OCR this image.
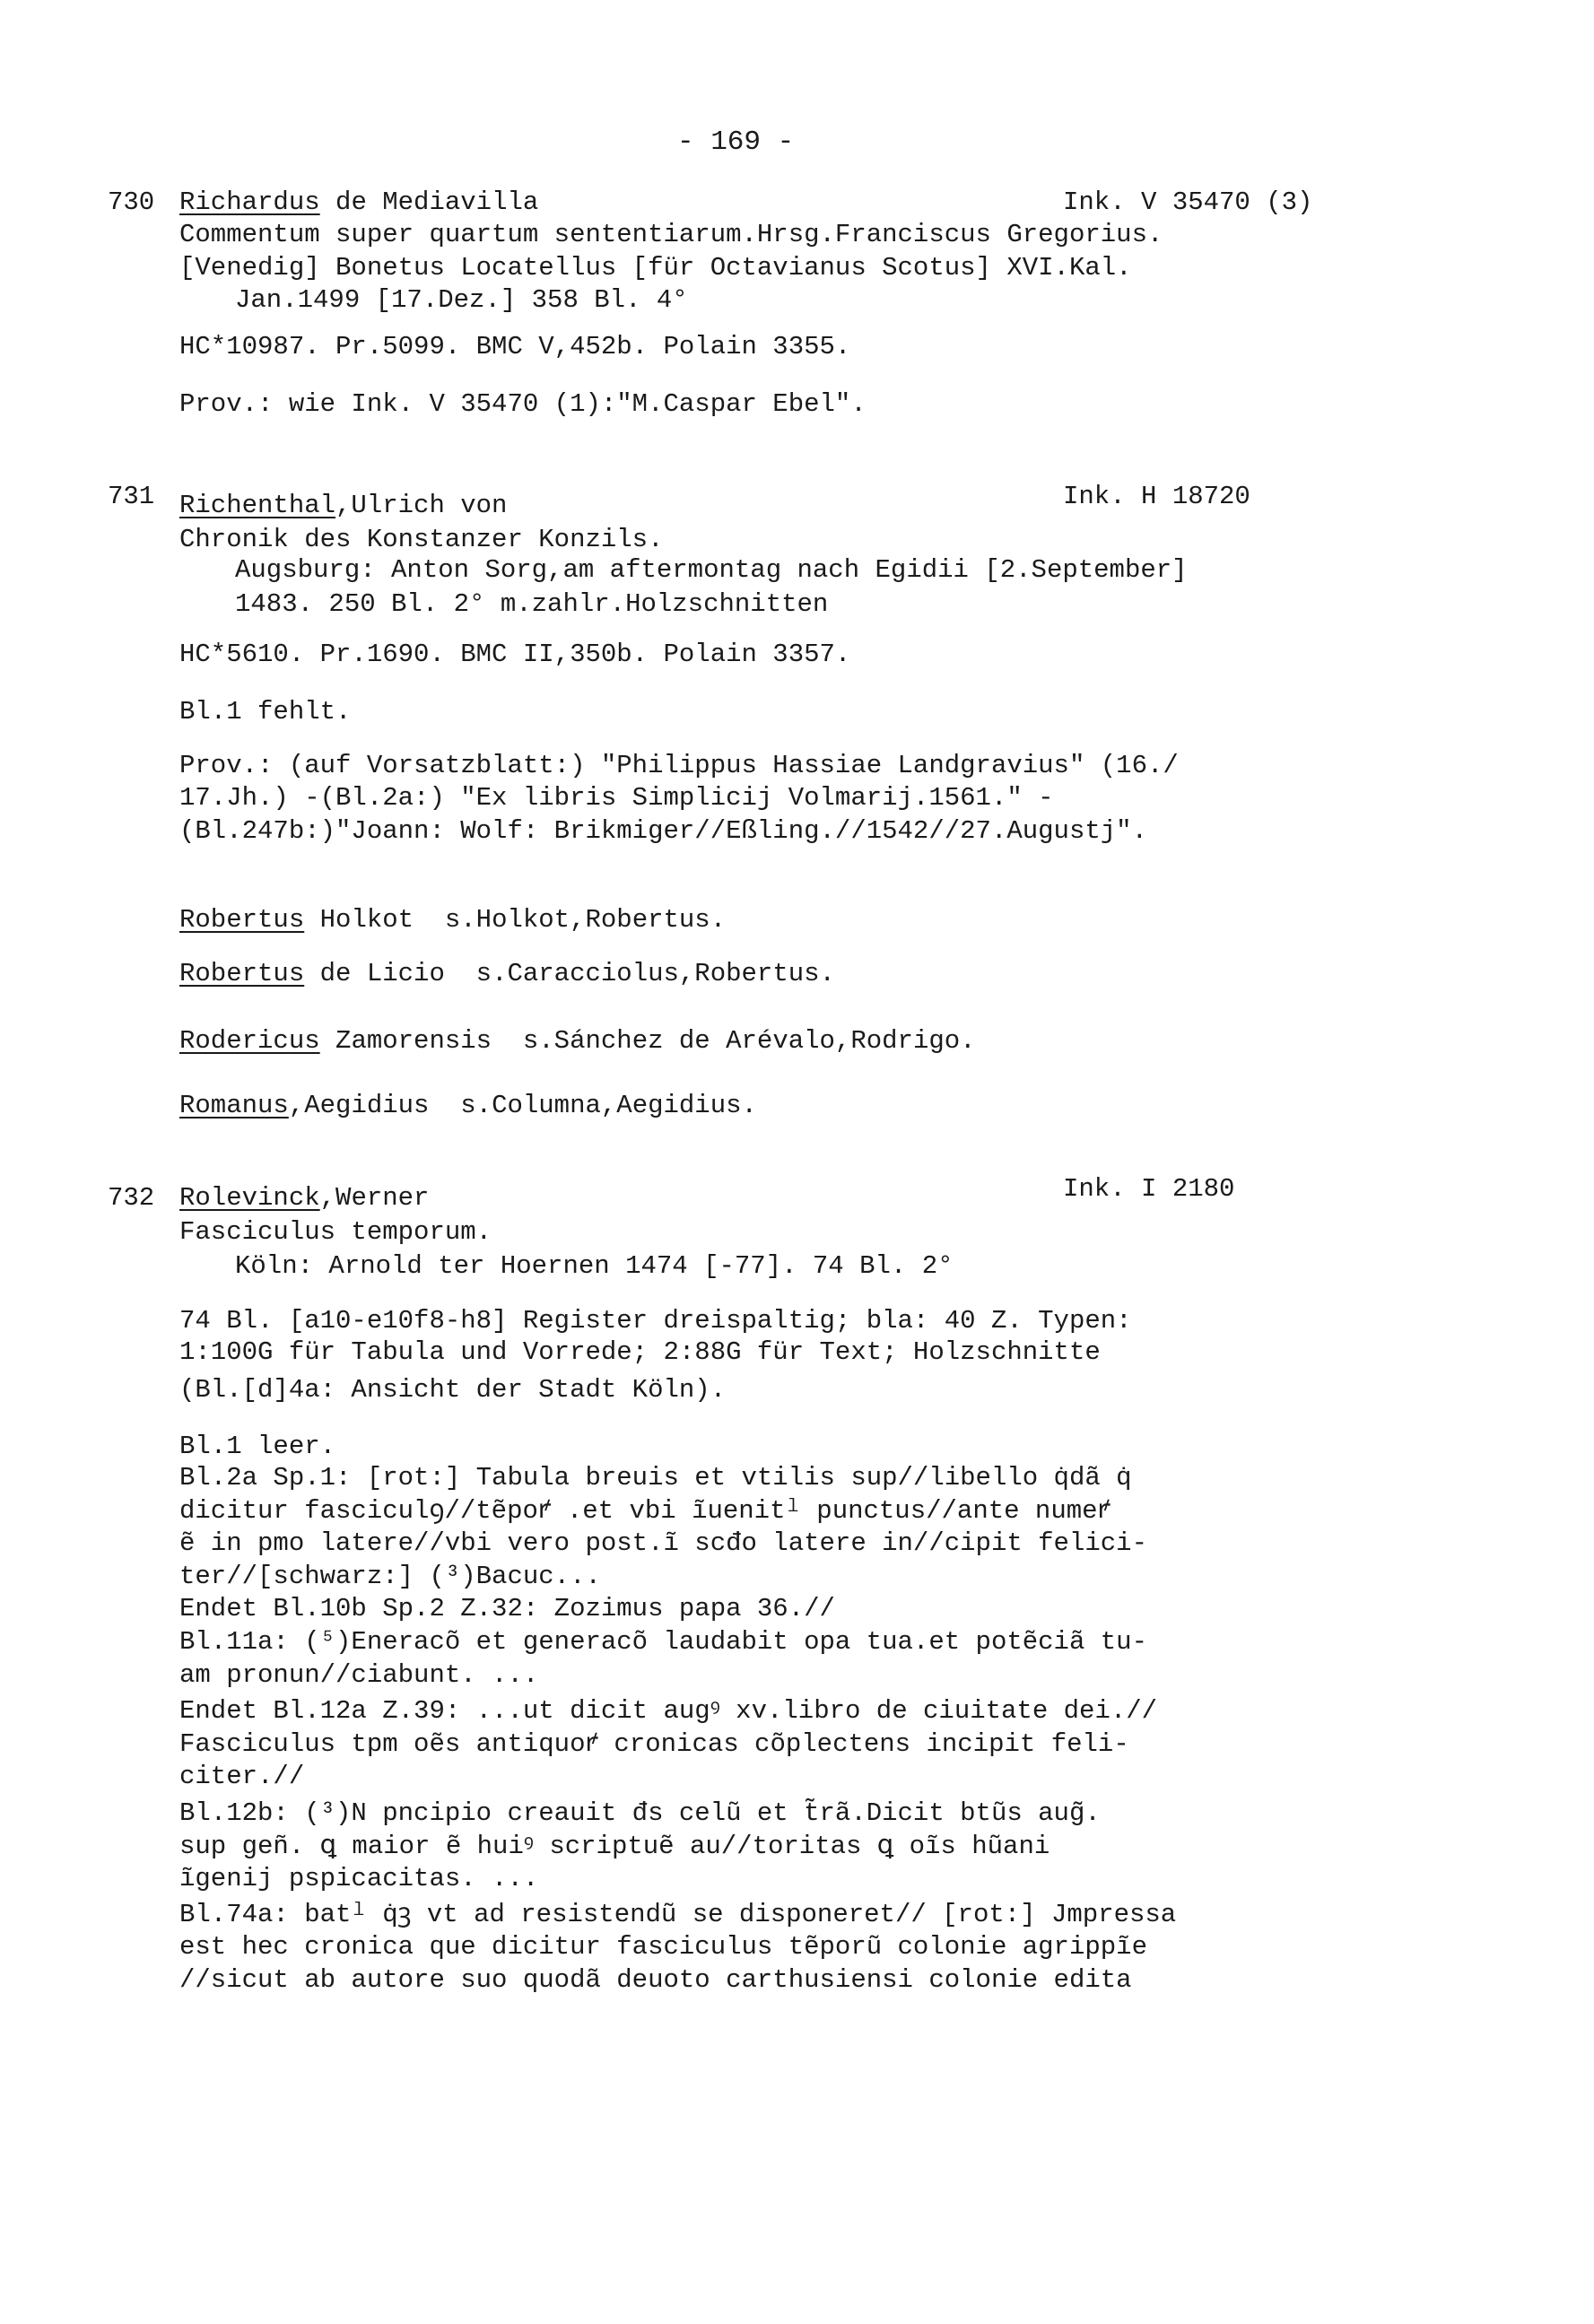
- 169 -
730 Richardus de Mediavilla	Ink. V 35470 (3)
Commentum super quartum sententiarum.Hrsg.Franciscus Gregorius.
[Venedig] Bonetus Locatellus [für Octavianus Scotus] XVI.Kal.
Jan.1499 [17.Dez.] 358 Bl. 4°
HC*10987. Pr.5099. BMC V,452b. Polain 3355.
Prov.: wie Ink. V 35470 (1):"M.Caspar Ebel".
731 Richenthal,Ulrich von	Ink. H 18720
Chronik des Konstanzer Konzils.
Augsburg: Anton Sorg,am aftermontag nach Egidii [2.September]
1483. 250 Bl. 2° m.zahlr.Holzschnitten
HC*5610. Pr.1690. BMC II,350b. Polain 3357.
Bl.1 fehlt.
Prov.: (auf Vorsatzblatt:) "Philippus Hassiae Landgravius" (16./
17.Jh.) -(Bl.2a:) "Ex libris Simplicij Volmarij.1561." -
(Bl.247b:)"Joann: Wolf: Brikmiger//Eßling.//1542//27.Augustj".
Robertus Holkot  s.Holkot,Robertus.
Robertus de Licio  s.Caracciolus,Robertus.
Rodericus Zamorensis  s.Sánchez de Arévalo,Rodrigo.
Romanus,Aegidius  s.Columna,Aegidius.
732 Rolevinck,Werner	Ink. I 2180
Fasciculus temporum.
Köln: Arnold ter Hoernen 1474 [-77]. 74 Bl. 2°
74 Bl. [a10-e10f8-h8] Register dreispaltig; bla: 40 Z. Typen:
1:100G für Tabula und Vorrede; 2:88G für Text; Holzschnitte
(Bl.[d]4a: Ansicht der Stadt Köln).
Bl.1 leer.
Bl.2a Sp.1: [rot:] Tabula breuis et vtilis sup//libello q̇dã q̇
dicitur fasciculꝯ//tẽpoꝵ .et vbi ĩuenitˡ punctus//ante numeꝵ
ẽ in pmo latere//vbi vero post.ĩ scđo latere in//cipit felici-
ter//[schwarz:] (³)Bacuc...
Endet Bl.10b Sp.2 Z.32: Zozimus papa 36.//
Bl.11a: (⁵)Eneracõ et generacõ laudabit opa tua.et potẽciã tu-
am pronun//ciabunt. ...
Endet Bl.12a Z.39: ...ut dicit augꝰ xv.libro de ciuitate dei.//
Fasciculus tpm oẽs antiquoꝵ cronicas cõplectens incipit feli-
citer.//
Bl.12b: (³)N pncipio creauit đs celũ et t̃rã.Dicit btũs aug̃.
sup geñ. ꝗ maior ẽ huiꝰ scriptuẽ au//toritas ꝗ oĩs hũani
ĩgenij pspicacitas. ...
Bl.74a: batˡ q̇ꝫ vt ad resistendũ se disponeret// [rot:] Jmpressa
est hec cronica que dicitur fasciculus tẽporũ colonie agrippĩe
//sicut ab autore suo quodã deuoto carthusiensi colonie edita
